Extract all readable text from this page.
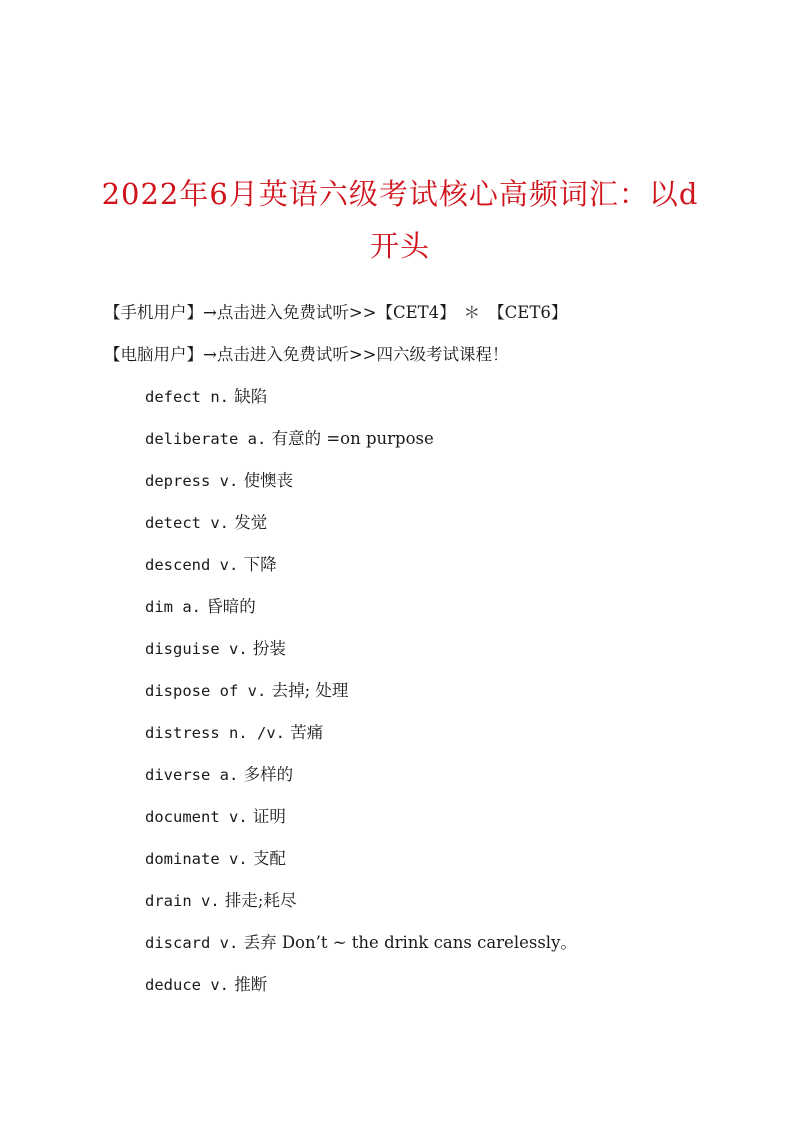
2022年6月英语六级考试核心高频词汇：以d
开头
【手机用户】→点击进入免费试听>>【CET4】 ＊ 【CET6】
【电脑用户】→点击进入免费试听>>四六级考试课程！
defect n. 缺陷
deliberate a. 有意的 =on purpose
depress v. 使懊丧
detect v. 发觉
descend v. 下降
dim a. 昏暗的
disguise v. 扮装
dispose of v. 去掉; 处理
distress n. /v. 苦痛
diverse a. 多样的
document v. 证明
dominate v. 支配
drain v. 排走;耗尽
discard v. 丢弃 Don’t ~ the drink cans carelessly。
deduce v. 推断
